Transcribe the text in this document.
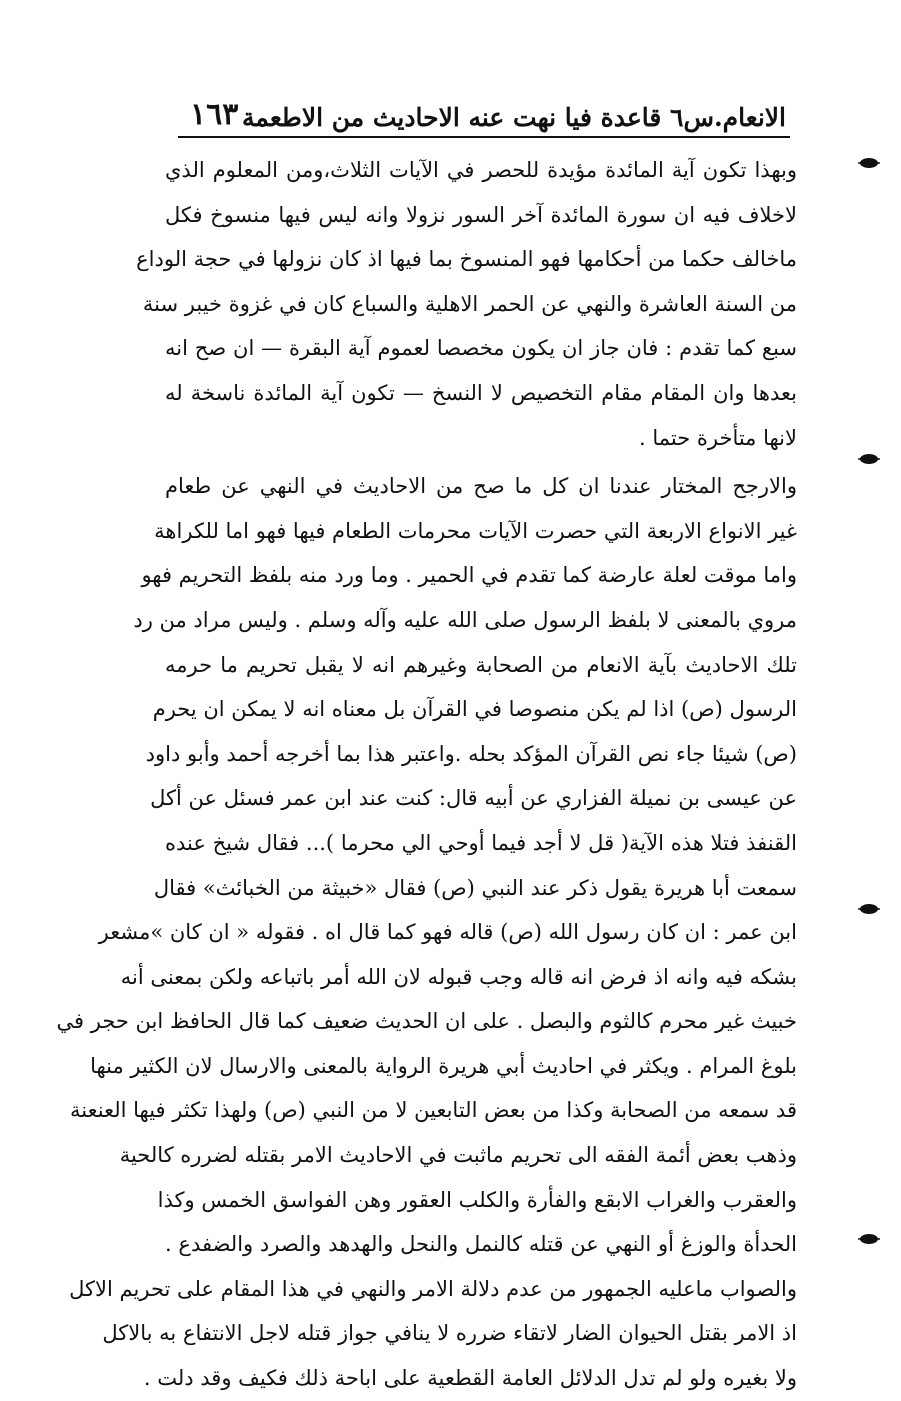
الانعام.س٦ قاعدة فيا نهت عنه الاحاديث من الاطعمة
١٦٣
وبهذا تكون آية المائدة مؤيدة للحصر في الآيات الثلاث،ومن المعلوم الذي
لاخلاف فيه ان سورة المائدة آخر السور نزولا وانه ليس فيها منسوخ فكل
ماخالف حكما من أحكامها فهو المنسوخ بما فيها اذ كان نزولها في حجة الوداع
من السنة العاشرة والنهي عن الحمر الاهلية والسباع كان في غزوة خيبر سنة
سبع كما تقدم : فان جاز ان يكون مخصصا لعموم آية البقرة — ان صح انه
بعدها وان المقام مقام التخصيص لا النسخ — تكون آية المائدة ناسخة له
لانها متأخرة حتما .
والارجح المختار عندنا ان كل ما صح من الاحاديث في النهي عن طعام
غير الانواع الاربعة التي حصرت الآيات محرمات الطعام فيها فهو اما للكراهة
واما موقت لعلة عارضة كما تقدم في الحمير . وما ورد منه بلفظ التحريم فهو
مروي بالمعنى لا بلفظ الرسول صلى الله عليه وآله وسلم . وليس مراد من رد
تلك الاحاديث بآية الانعام من الصحابة وغيرهم انه لا يقبل تحريم ما حرمه
الرسول (ص) اذا لم يكن منصوصا في القرآن بل معناه انه لا يمكن ان يحرم
(ص) شيئا جاء نص القرآن المؤكد بحله .واعتبر هذا بما أخرجه أحمد وأبو داود
عن عيسى بن نميلة الفزاري عن أبيه قال: كنت عند ابن عمر فسئل عن أكل
القنفذ فتلا هذه الآية( قل لا أجد فيما أوحي الي محرما )... فقال شيخ عنده
سمعت أبا هريرة يقول ذكر عند النبي (ص) فقال «خبيثة من الخبائث» فقال
ابن عمر : ان كان رسول الله (ص) قاله فهو كما قال اه . فقوله « ان كان »مشعر
بشكه فيه وانه اذ فرض انه قاله وجب قبوله لان الله أمر باتباعه ولكن بمعنى أنه
خبيث غير محرم كالثوم والبصل . على ان الحديث ضعيف كما قال الحافظ ابن حجر في
بلوغ المرام . ويكثر في احاديث أبي هريرة الرواية بالمعنى والارسال لان الكثير منها
قد سمعه من الصحابة وكذا من بعض التابعين لا من النبي (ص) ولهذا تكثر فيها العنعنة
وذهب بعض أئمة الفقه الى تحريم ماثبت في الاحاديث الامر بقتله لضرره كالحية
والعقرب والغراب الابقع والفأرة والكلب العقور وهن الفواسق الخمس وكذا
الحدأة والوزغ أو النهي عن قتله كالنمل والنحل والهدهد والصرد والضفدع .
والصواب ماعليه الجمهور من عدم دلالة الامر والنهي في هذا المقام على تحريم الاكل
اذ الامر بقتل الحيوان الضار لاتقاء ضرره لا ينافي جواز قتله لاجل الانتفاع به بالاكل
ولا بغيره ولو لم تدل الدلائل العامة القطعية على اباحة ذلك فكيف وقد دلت .
